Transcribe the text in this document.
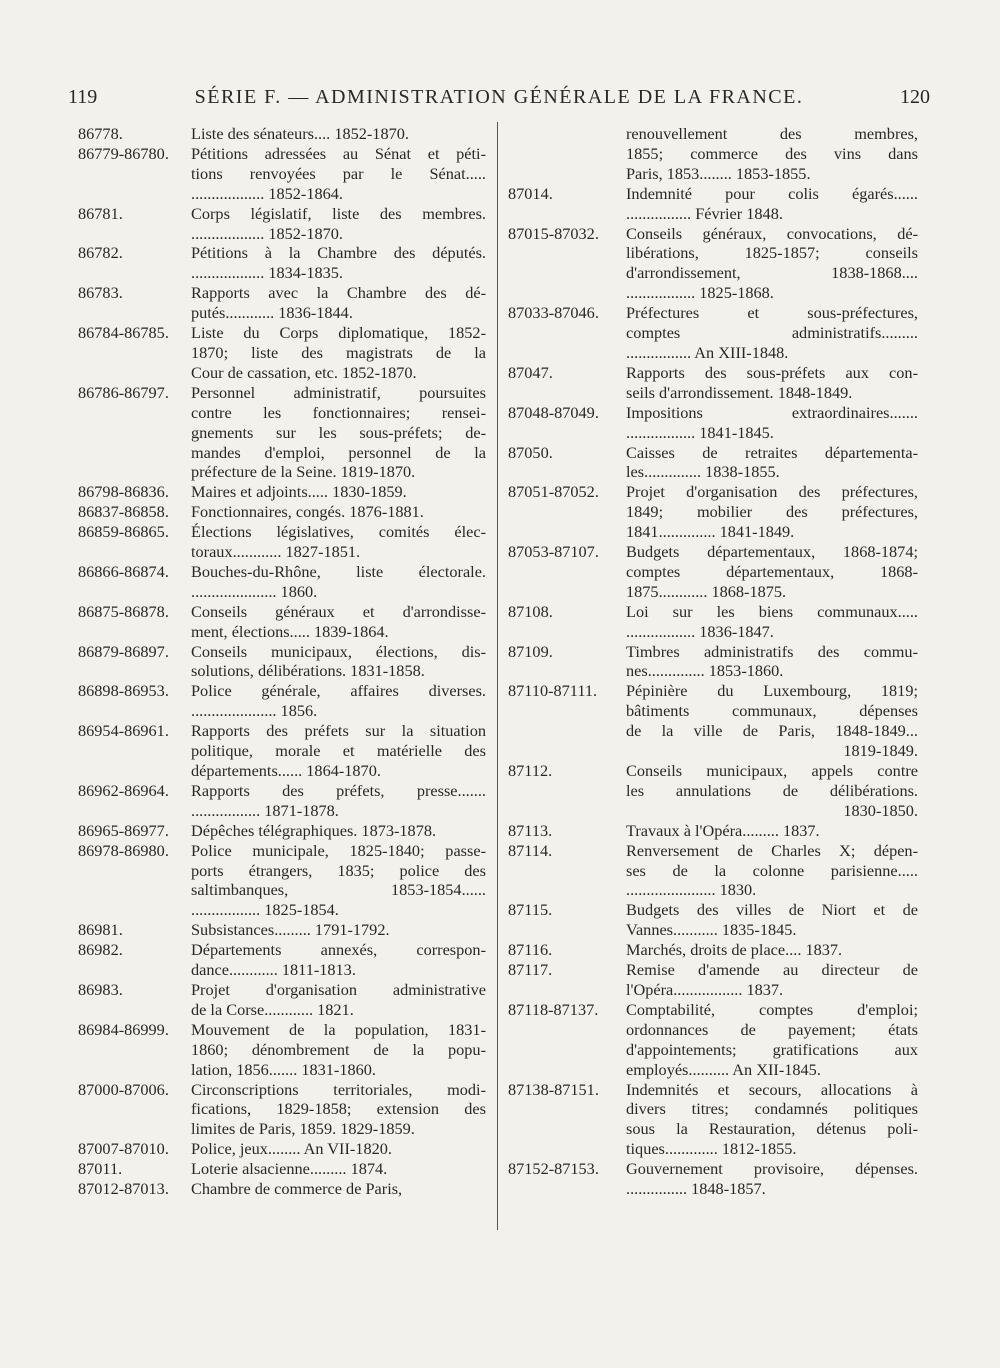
119	SÉRIE F. — ADMINISTRATION GÉNÉRALE DE LA FRANCE.	120
86778.	Liste des sénateurs.... 1852-1870.
86779-86780.	Pétitions adressées au Sénat et péti-
tions renvoyées par le Sénat.....
.................. 1852-1864.
86781.	Corps législatif, liste des membres.
.................. 1852-1870.
86782.	Pétitions à la Chambre des députés.
.................. 1834-1835.
86783.	Rapports avec la Chambre des dé-
putés............ 1836-1844.
86784-86785.	Liste du Corps diplomatique, 1852-
1870; liste des magistrats de la
Cour de cassation, etc. 1852-1870.
86786-86797.	Personnel administratif, poursuites
contre les fonctionnaires; rensei-
gnements sur les sous-préfets; de-
mandes d'emploi, personnel de la
préfecture de la Seine. 1819-1870.
86798-86836.	Maires et adjoints..... 1830-1859.
86837-86858.	Fonctionnaires, congés. 1876-1881.
86859-86865.	Élections législatives, comités élec-
toraux............ 1827-1851.
86866-86874.	Bouches-du-Rhône, liste électorale.
..................... 1860.
86875-86878.	Conseils généraux et d'arrondisse-
ment, élections..... 1839-1864.
86879-86897.	Conseils municipaux, élections, dis-
solutions, délibérations. 1831-1858.
86898-86953.	Police générale, affaires diverses.
..................... 1856.
86954-86961.	Rapports des préfets sur la situation
politique, morale et matérielle des
départements...... 1864-1870.
86962-86964.	Rapports des préfets, presse.......
................. 1871-1878.
86965-86977.	Dépêches télégraphiques. 1873-1878.
86978-86980.	Police municipale, 1825-1840; passe-
ports étrangers, 1835; police des
saltimbanques, 1853-1854......
................. 1825-1854.
86981.	Subsistances......... 1791-1792.
86982.	Départements annexés, correspon-
dance............ 1811-1813.
86983.	Projet d'organisation administrative
de la Corse............ 1821.
86984-86999.	Mouvement de la population, 1831-
1860; dénombrement de la popu-
lation, 1856....... 1831-1860.
87000-87006.	Circonscriptions territoriales, modi-
fications, 1829-1858; extension des
limites de Paris, 1859. 1829-1859.
87007-87010.	Police, jeux........ An VII-1820.
87011.	Loterie alsacienne......... 1874.
87012-87013.	Chambre de commerce de Paris,
renouvellement des membres,
1855; commerce des vins dans
Paris, 1853........ 1853-1855.
87014.	Indemnité pour colis égarés......
................ Février 1848.
87015-87032.	Conseils généraux, convocations, dé-
libérations, 1825-1857; conseils
d'arrondissement, 1838-1868....
................. 1825-1868.
87033-87046.	Préfectures et sous-préfectures,
comptes administratifs.........
................ An XIII-1848.
87047.	Rapports des sous-préfets aux con-
seils d'arrondissement. 1848-1849.
87048-87049.	Impositions extraordinaires.......
................. 1841-1845.
87050.	Caisses de retraites départementa-
les.............. 1838-1855.
87051-87052.	Projet d'organisation des préfectures,
1849; mobilier des préfectures,
1841.............. 1841-1849.
87053-87107.	Budgets départementaux, 1868-1874;
comptes départementaux, 1868-
1875............ 1868-1875.
87108.	Loi sur les biens communaux.....
................. 1836-1847.
87109.	Timbres administratifs des commu-
nes.............. 1853-1860.
87110-87111.	Pépinière du Luxembourg, 1819;
bâtiments communaux, dépenses
de la ville de Paris, 1848-1849...
1819-1849.
87112.	Conseils municipaux, appels contre
les annulations de délibérations.
1830-1850.
87113.	Travaux à l'Opéra......... 1837.
87114.	Renversement de Charles X; dépen-
ses de la colonne parisienne.....
...................... 1830.
87115.	Budgets des villes de Niort et de
Vannes........... 1835-1845.
87116.	Marchés, droits de place.... 1837.
87117.	Remise d'amende au directeur de
l'Opéra................. 1837.
87118-87137.	Comptabilité, comptes d'emploi;
ordonnances de payement; états
d'appointements; gratifications aux
employés.......... An XII-1845.
87138-87151.	Indemnités et secours, allocations à
divers titres; condamnés politiques
sous la Restauration, détenus poli-
tiques............. 1812-1855.
87152-87153.	Gouvernement provisoire, dépenses.
............... 1848-1857.
